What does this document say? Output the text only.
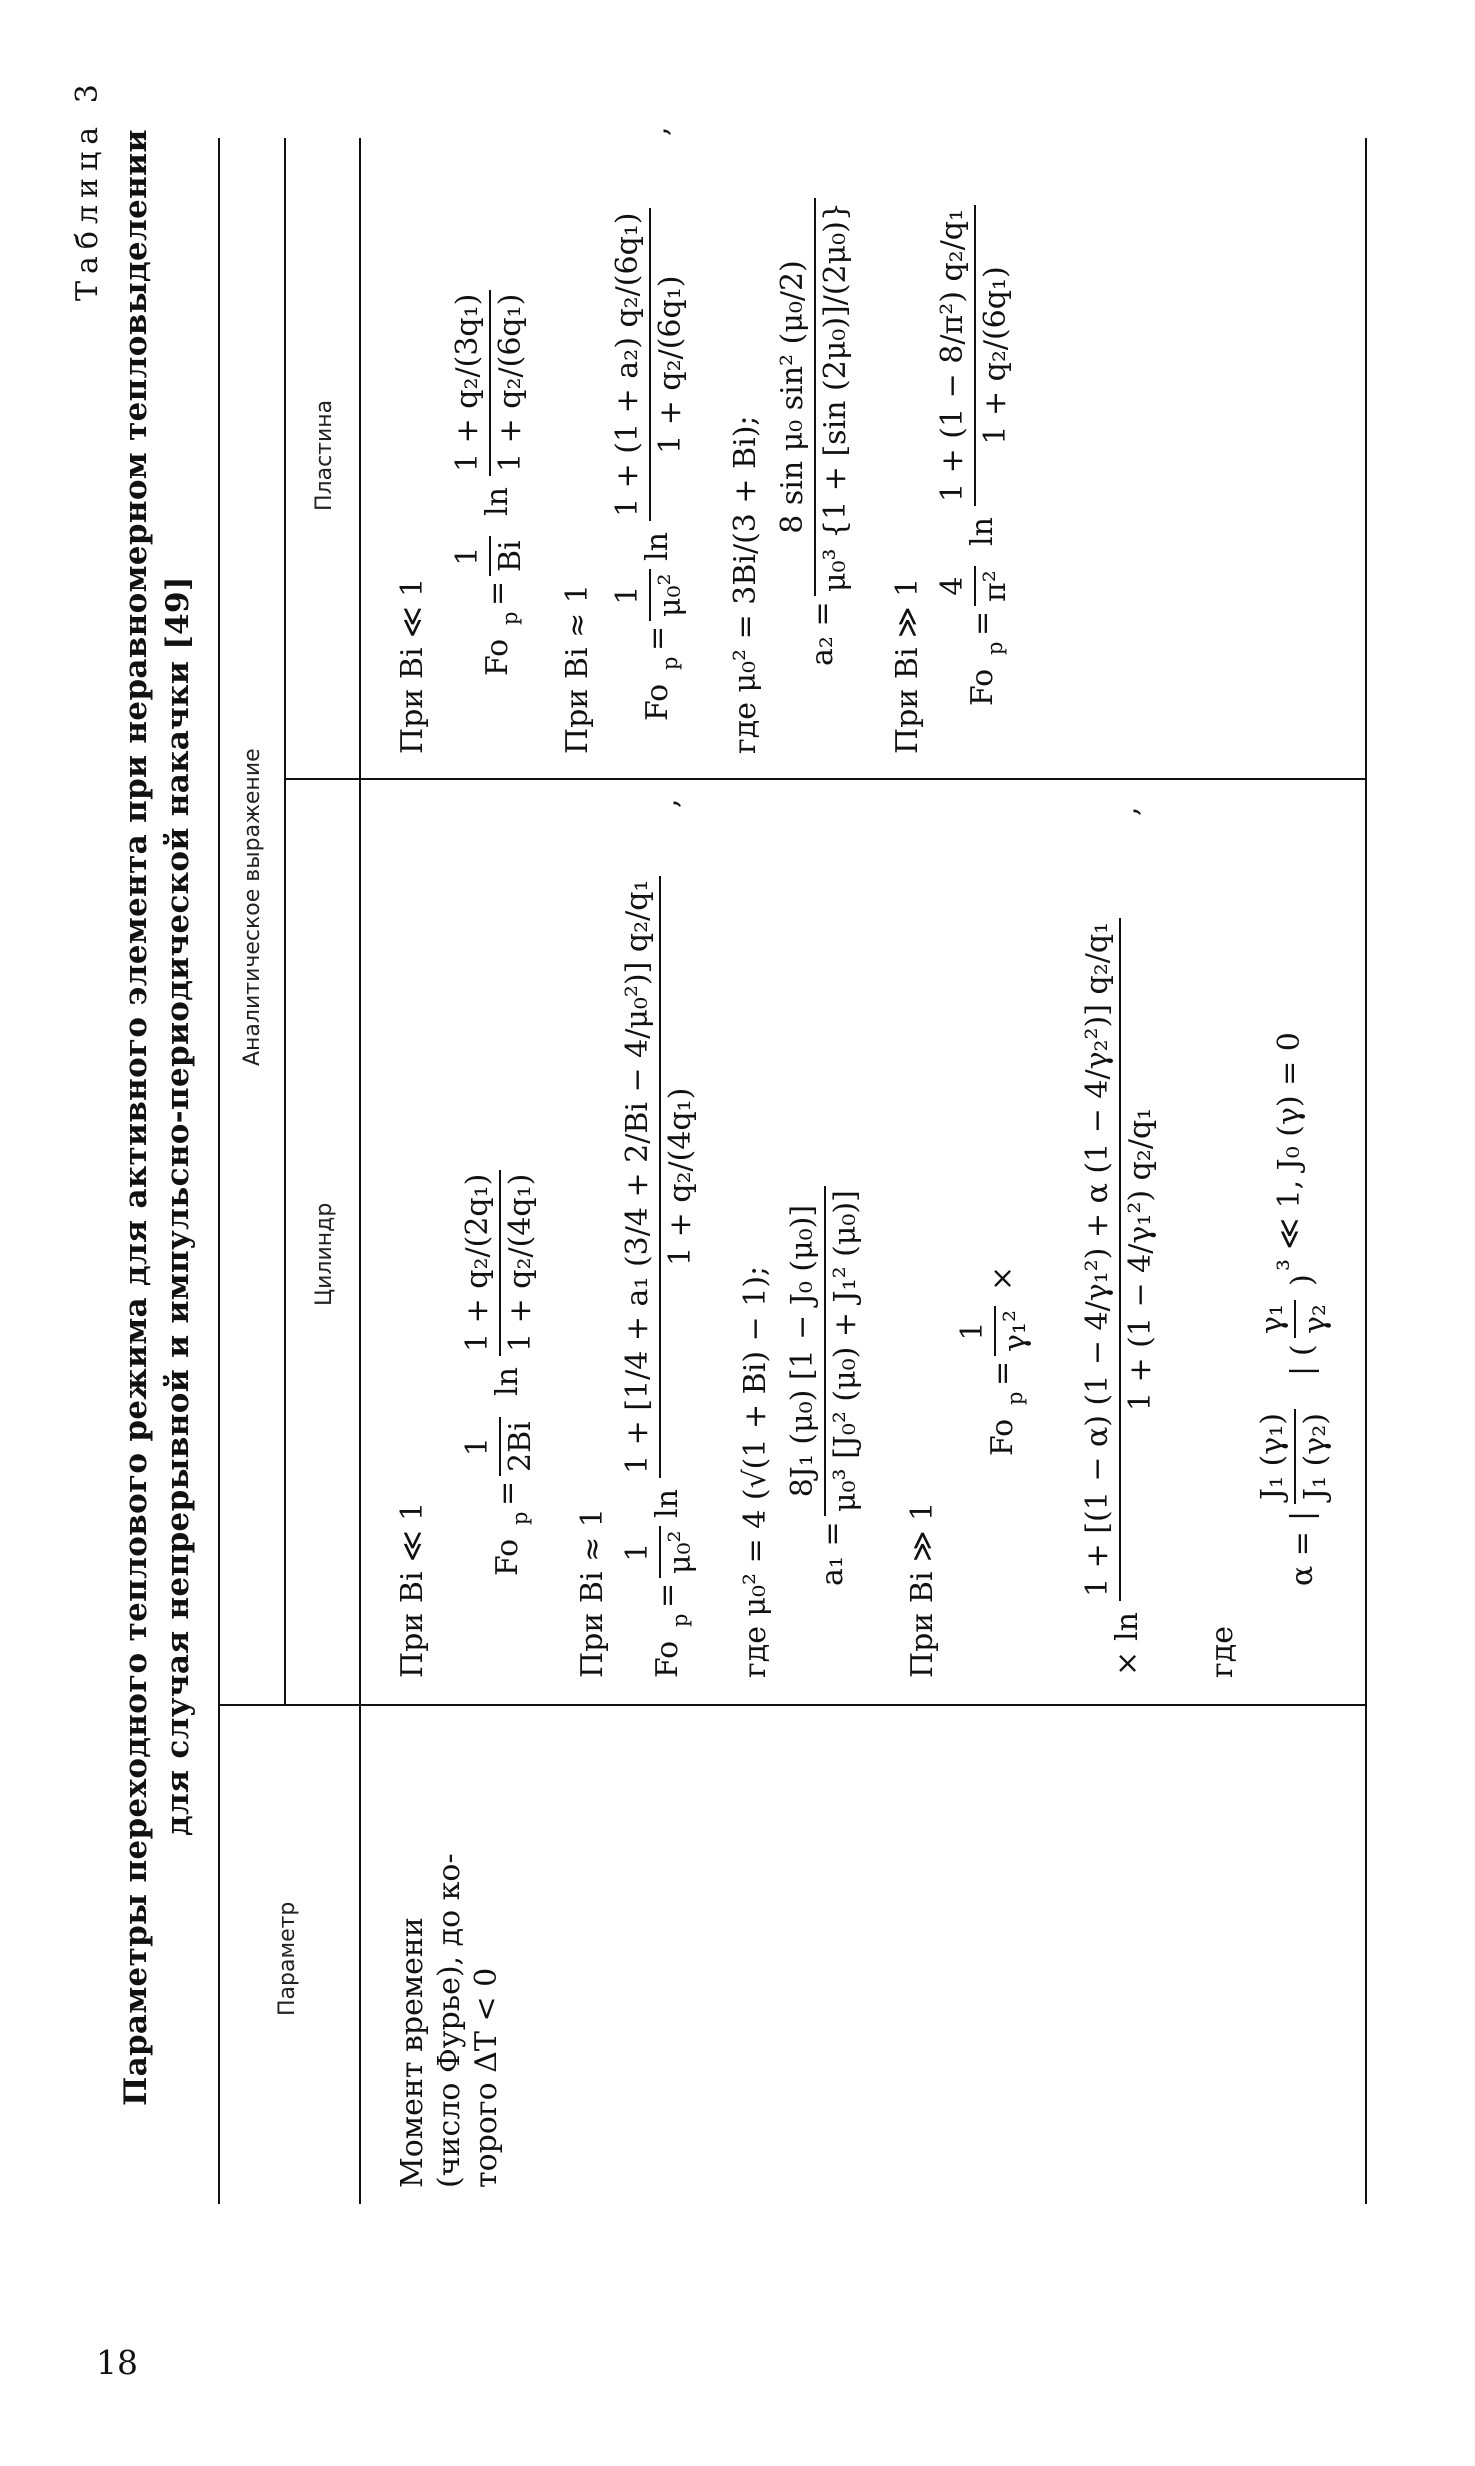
18
Таблица 3 Параметры переходного теплового режима для активного элемента при неравномерном тепловыделении для случая непрерывной и импульсно-периодической накачки [49]
Параметр
Аналитическое выражение
Цилиндр
Пластина
Момент времени (число Фурье), до ко- торого ΔT < 0
При Bi ≪ 1 Fo
p
=
1 2Bi
ln
1 + q₂/(2q₁) 1 + q₂/(4q₁)
При Bi ≈ 1 Fo
p
=
1 μ₀²
ln
1 + [1/4 + a₁ (3/4 + 2/Bi − 4/μ₀²)] q₂/q₁ 1 + q₂/(4q₁)
,
где μ₀² = 4 (√(1 + Bi) − 1); a₁ =
8J₁ (μ₀) [1 − J₀ (μ₀)] μ₀³ [J₀² (μ₀) + J₁² (μ₀)]
При Bi ≫ 1
Fo
p
=
1 γ₁²
×
×
ln
1 + [(1 − α) (1 − 4/γ₁²) + α (1 − 4/γ₂²)] q₂/q₁ 1 + (1 − 4/γ₁²) q₂/q₁
,
где
α =
|
J₁ (γ₁) J₁ (γ₂)
|
(
γ₁ γ₂
)
³ ≪ 1, J₀ (γ) = 0
При Bi ≪ 1 Fo
p
=
1 Bi
ln
1 + q₂/(3q₁) 1 + q₂/(6q₁)
При Bi ≈ 1 Fo
p
=
1 μ₀²
ln
1 + (1 + a₂) q₂/(6q₁) 1 + q₂/(6q₁)
,
где μ₀² = 3Bi/(3 + Bi); a₂ =
8 sin μ₀ sin² (μ₀/2) μ₀³ {1 + [sin (2μ₀)]/(2μ₀)}
При Bi ≫ 1 Fo
p
=
4 π²
ln
1 + (1 − 8/π²) q₂/q₁ 1 + q₂/(6q₁)
